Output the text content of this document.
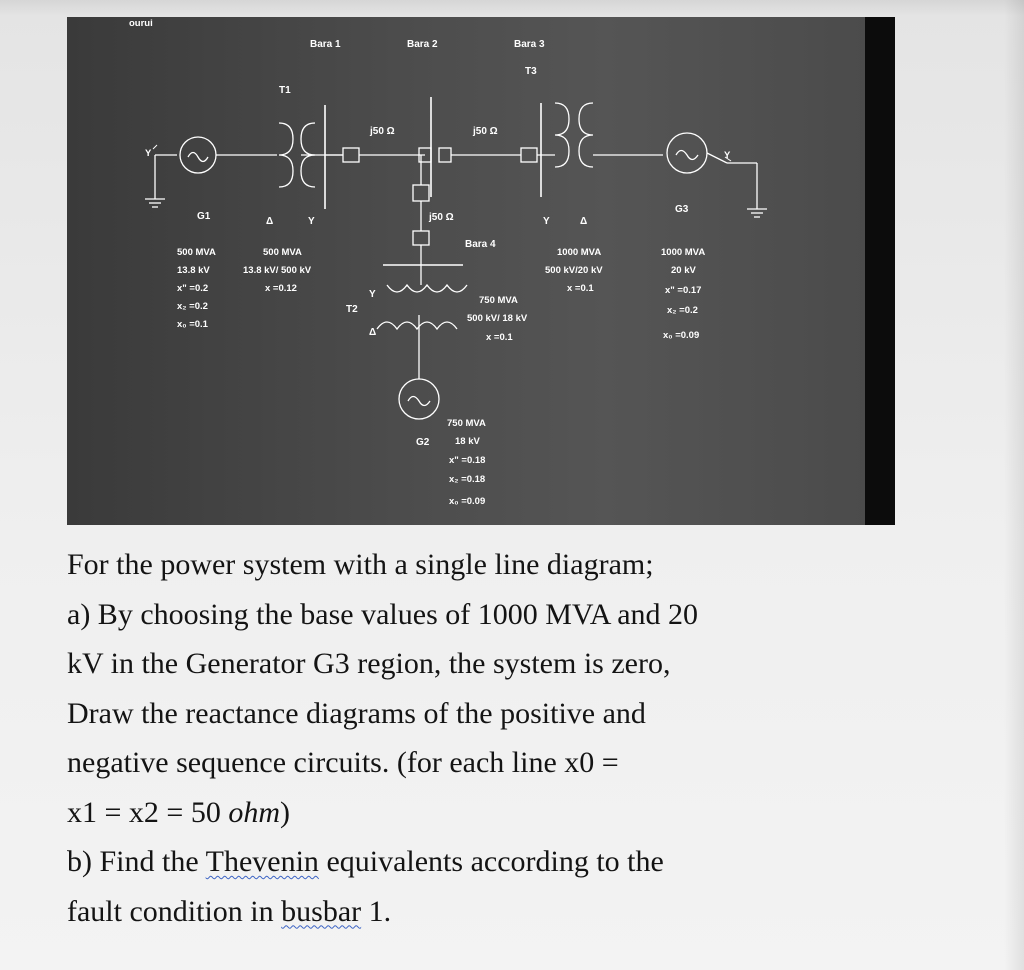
ourui
Bara 1	Bara 2	Bara 3
T3
T1
j50 Ω	j50 Ω
j50 Ω
Bara 4
Δ	Y	Y	Δ
Y
Δ
T2
Y	Y
G1
G3
G2
500 MVA
13.8 kV
x" =0.2
x₂ =0.2
x₀ =0.1
500 MVA
13.8 kV/ 500 kV
x =0.12
750 MVA
500 kV/ 18 kV
x =0.1
1000 MVA
500 kV/20 kV
x =0.1
1000 MVA
20 kV
x" =0.17
x₂ =0.2
x₀ =0.09
750 MVA
18 kV
x" =0.18
x₂ =0.18
x₀ =0.09

For the power system with a single line diagram;

a) By choosing the base values of 1000 MVA and 20

kV in the Generator G3 region, the system is zero,

Draw the reactance diagrams of the positive and

negative sequence circuits. (for each line x0 =

x1 = x2 = 50 ohm)

b) Find the Thevenin equivalents according to the

fault condition in busbar 1.
